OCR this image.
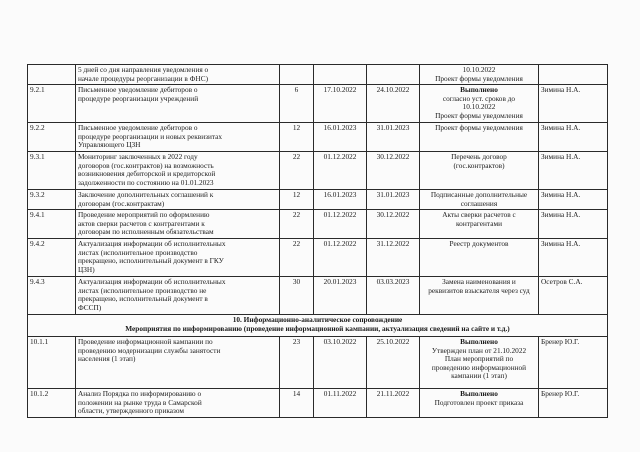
	5 дней со дня направления уведомления о
начале процедуры реорганизации в ФНС)				10.10.2022
Проект формы уведомления	

9.2.1	Письменное уведомление дебиторов о
процедуре реорганизации учреждений	6	17.10.2022	24.10.2022	Выполнено
согласно уст. сроков до
10.10.2022
Проект формы уведомления	Зимина Н.А.
9.2.2	Письменное уведомление дебиторов о
процедуре реорганизации и новых реквизитах
Управляющего ЦЗН	12	16.01.2023	31.01.2023	Проект формы уведомления	Зимина Н.А.
9.3.1	Мониторинг заключенных в 2022 году
договоров (гос.контрактов) на возможность
возникновения дебиторской и кредиторской
задолженности по состоянию на 01.01.2023	22	01.12.2022	30.12.2022	Перечень договор
(гос.контрактов)	Зимина Н.А.
9.3.2	Заключение дополнительных соглашений к
договорам (гос.контрактам)	12	16.01.2023	31.01.2023	Подписанные дополнительные
соглашения	Зимина Н.А.
9.4.1	Проведение мероприятий по оформлению
актов сверки расчетов с контрагентами к
договорам по исполненным обязательствам	22	01.12.2022	30.12.2022	Акты сверки расчетов с
контрагентами	Зимина Н.А.
9.4.2	Актуализация информации об исполнительных
листах (исполнительное производство
прекращено, исполнительный документ в ГКУ
ЦЗН)	22	01.12.2022	31.12.2022	Реестр документов	Зимина Н.А.
9.4.3	Актуализация информации об исполнительных
листах (исполнительное производство не
прекращено, исполнительный документ в
ФССП)	30	20.01.2023	03.03.2023	Замена наименования и
реквизитов взыскателя через суд	Осетров С.А.

10. Информационно-аналитическое сопровождение
Мероприятия по информированию (проведение информационной кампании, актуализация сведений на сайте и т.д.)						

10.1.1	Проведение информационной кампании по
проведению модернизации службы занятости
населения (1 этап)	23	03.10.2022	25.10.2022	Выполнено
Утвержден план от 21.10.2022
План мероприятий по
проведению информационной
кампании (1 этап)	Бренер Ю.Г.
10.1.2	Анализ Порядка по информированию о
положении на рынке труда в Самарской
области, утвержденного приказом	14	01.11.2022	21.11.2022	Выполнено
Подготовлен проект приказа	Бренер Ю.Г.
